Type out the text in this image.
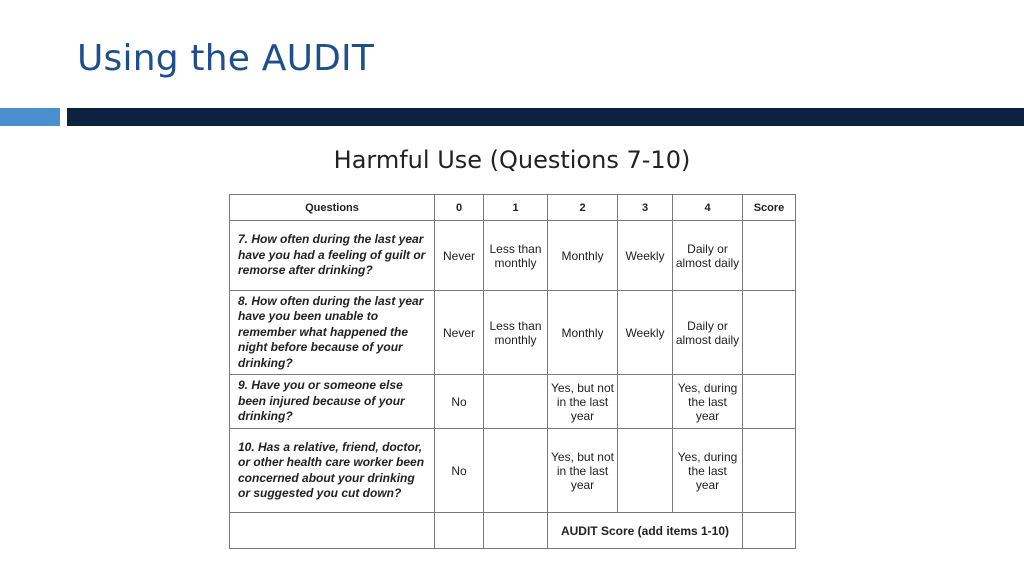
Using the AUDIT
Harmful Use (Questions 7-10)
Questions	0	1	2	3	4	Score
7. How often during the last year have you had a feeling of guilt or remorse after drinking?	Never	Less than monthly	Monthly	Weekly	Daily or almost daily	
8. How often during the last year have you been unable to remember what happened the night before because of your drinking?	Never	Less than monthly	Monthly	Weekly	Daily or almost daily	
9. Have you or someone else been injured because of your drinking?	No		Yes, but not in the last year		Yes, during the last year	
10. Has a relative, friend, doctor, or other health care worker been concerned about your drinking or suggested you cut down?	No		Yes, but not in the last year		Yes, during the last year	
			AUDIT Score (add items 1-10)			
